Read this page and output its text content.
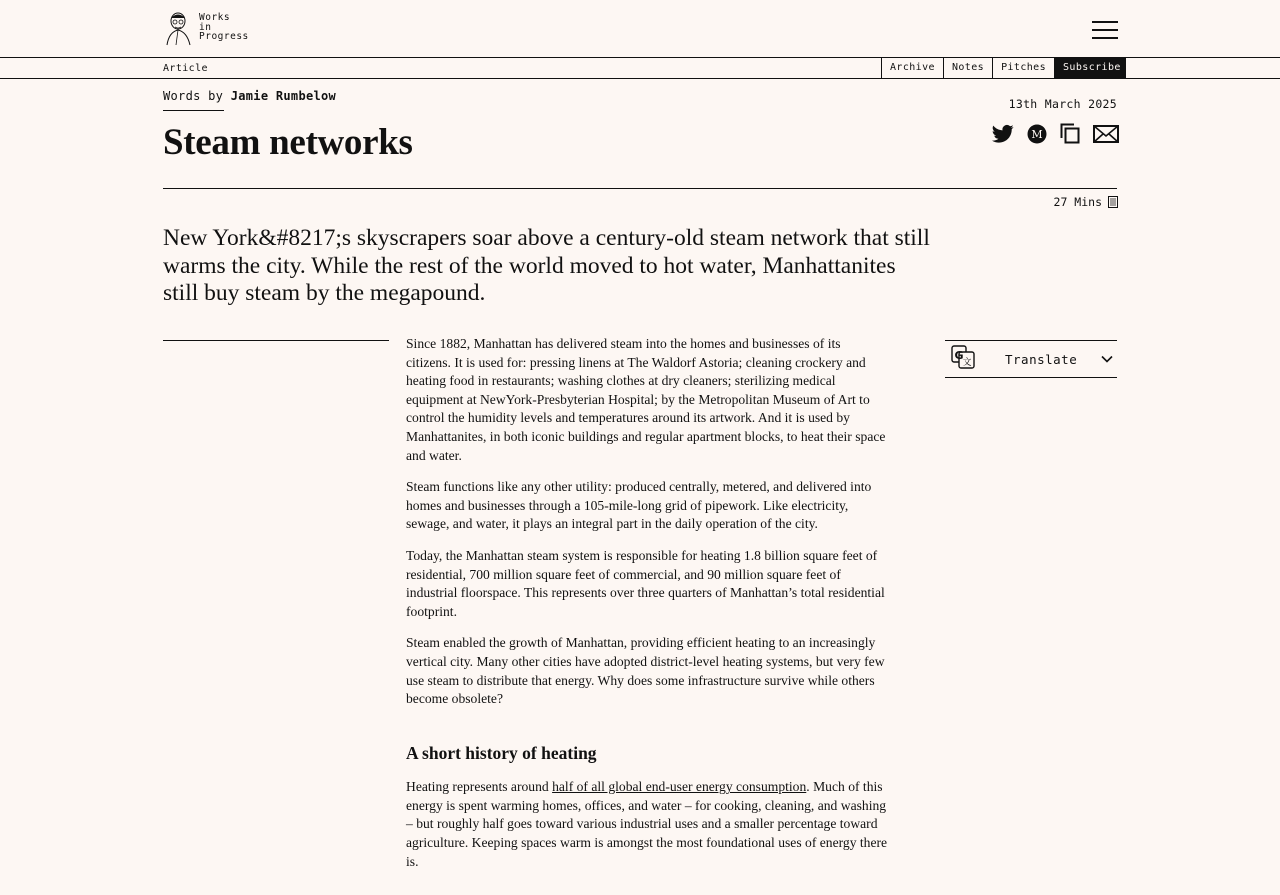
Works
in
Progress
Article	Archive	Notes	Pitches	Subscribe
Words by Jamie Rumbelow
13th March 2025
Steam networks	M
27 Mins

New York&#8217;s skyscrapers soar above a century-old steam network that still warms the city. While the rest of the world moved to hot water, Manhattanites still buy steam by the megapound.

Since 1882, Manhattan has delivered steam into the homes and businesses of its citizens. It is used for: pressing linens at The Waldorf Astoria; cleaning crockery and heating food in restaurants; washing clothes at dry cleaners; sterilizing medical equipment at NewYork-Presbyterian Hospital; by the Metropolitan Museum of Art to control the humidity levels and temperatures around its artwork. And it is used by Manhattanites, in both iconic buildings and regular apartment blocks, to heat their space and water.

Steam functions like any other utility: produced centrally, metered, and delivered into homes and businesses through a 105-mile-long grid of pipework. Like electricity, sewage, and water, it plays an integral part in the daily operation of the city.

Today, the Manhattan steam system is responsible for heating 1.8 billion square feet of residential, 700 million square feet of commercial, and 90 million square feet of industrial floorspace. This represents over three quarters of Manhattan’s total residential footprint.

Steam enabled the growth of Manhattan, providing efficient heating to an increasingly vertical city. Many other cities have adopted district-level heating systems, but very few use steam to distribute that energy. Why does some infrastructure survive while others become obsolete?

A short history of heating

Heating represents around half of all global end-user energy consumption. Much of this energy is spent warming homes, offices, and water – for cooking, cleaning, and washing – but roughly half goes toward various industrial uses and a smaller percentage toward agriculture. Keeping spaces warm is amongst the most foundational uses of energy there is.

G
文	Translate
